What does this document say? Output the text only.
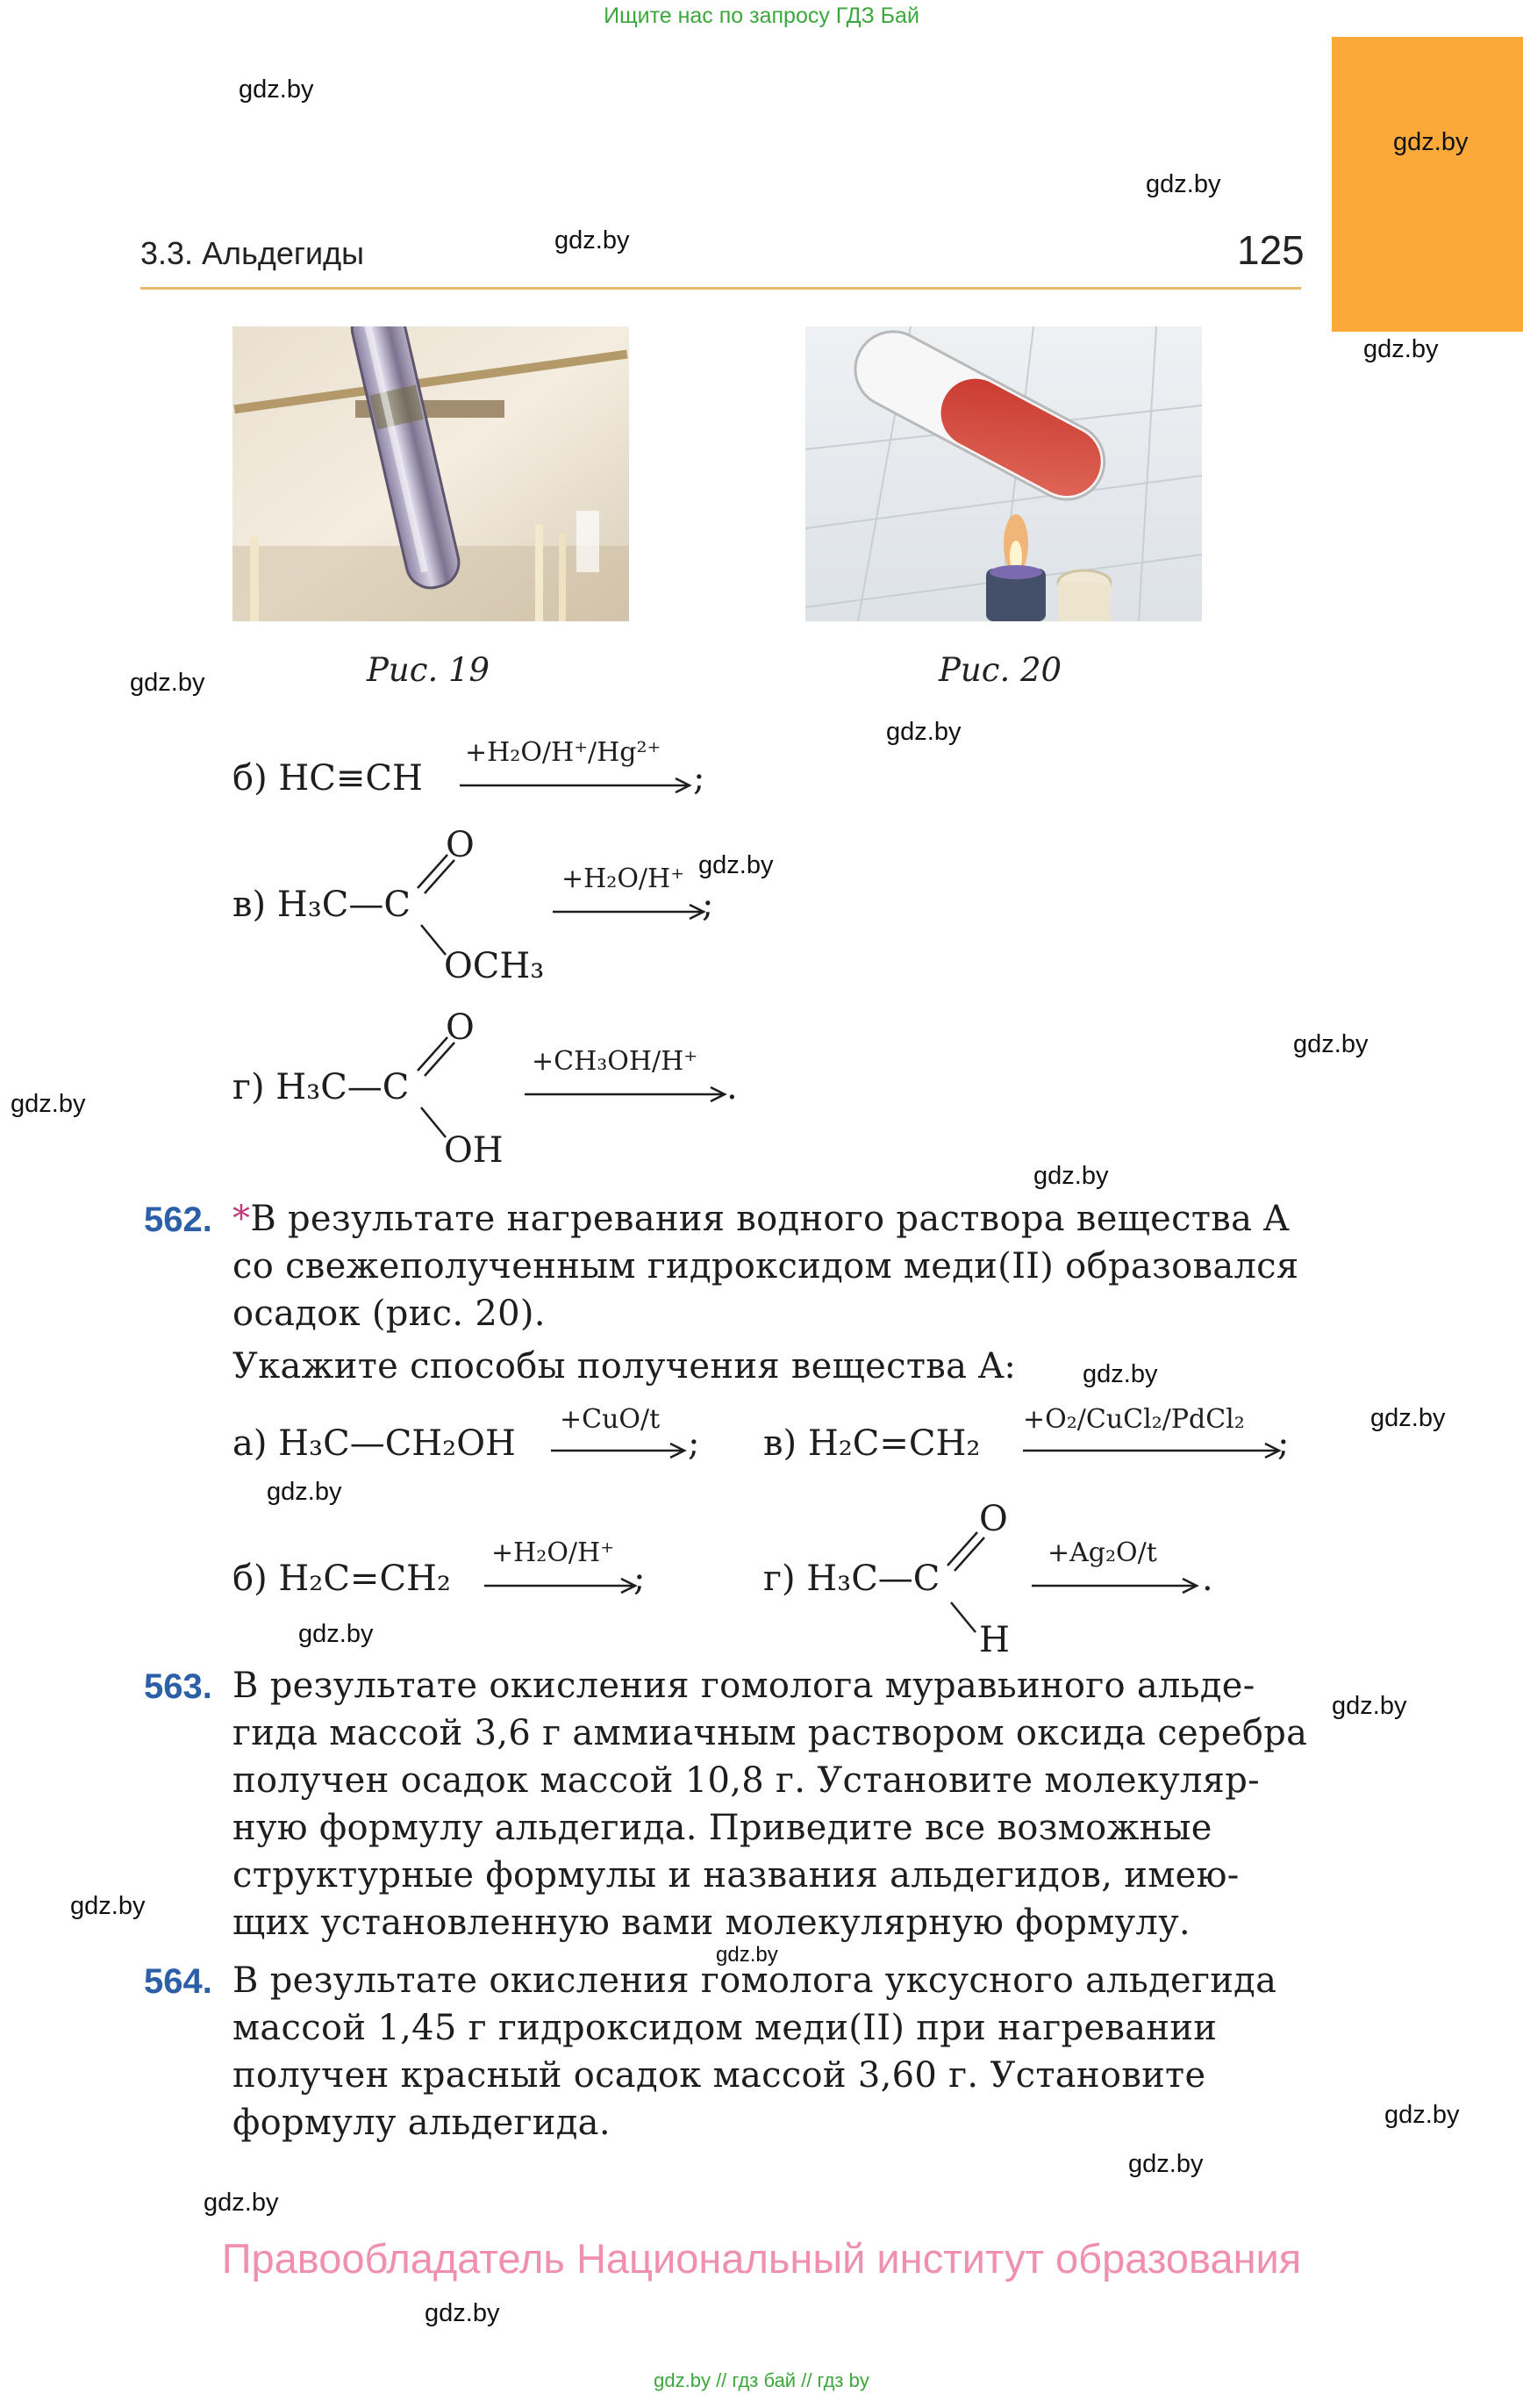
Ищите нас по запросу ГДЗ Бай
gdz.by
gdz.by
gdz.by
gdz.by
gdz.by
gdz.by
gdz.by
gdz.by
gdz.by
gdz.by
gdz.by
gdz.by
gdz.by
gdz.by
gdz.by
gdz.by
gdz.by
gdz.by
gdz.by
gdz.by
gdz.by
gdz.by
3.3. Альдегиды	125
Рис. 19	Рис. 20
б) HC≡CH
+H₂O/H⁺/Hg²⁺
;
O
в) H₃C—C
OCH₃
+H₂O/H⁺
;
O
г) H₃C—C
OH
+CH₃OH/H⁺
.
562. *В результате нагревания водного раствора вещества A
со свежеполученным гидроксидом меди(II) образовался
осадок (рис. 20).
Укажите способы получения вещества A:
а) H₃C—CH₂OH
+CuO/t
; в) H₂C=CH₂
+O₂/CuCl₂/PdCl₂
;
б) H₂C=CH₂
+H₂O/H⁺
;
O
г) H₃C—C
H
+Ag₂O/t
.
563. В результате окисления гомолога муравьиного альде-
гида массой 3,6 г аммиачным раствором оксида серебра
получен осадок массой 10,8 г. Установите молекуляр-
ную формулу альдегида. Приведите все возможные
структурные формулы и названия альдегидов, имею-
щих установленную вами молекулярную формулу.
564. В результате окисления гомолога уксусного альдегида
массой 1,45 г гидроксидом меди(II) при нагревании
получен красный осадок массой 3,60 г. Установите
формулу альдегида.
Правообладатель Национальный институт образования
gdz.by // гдз бай // гдз by
